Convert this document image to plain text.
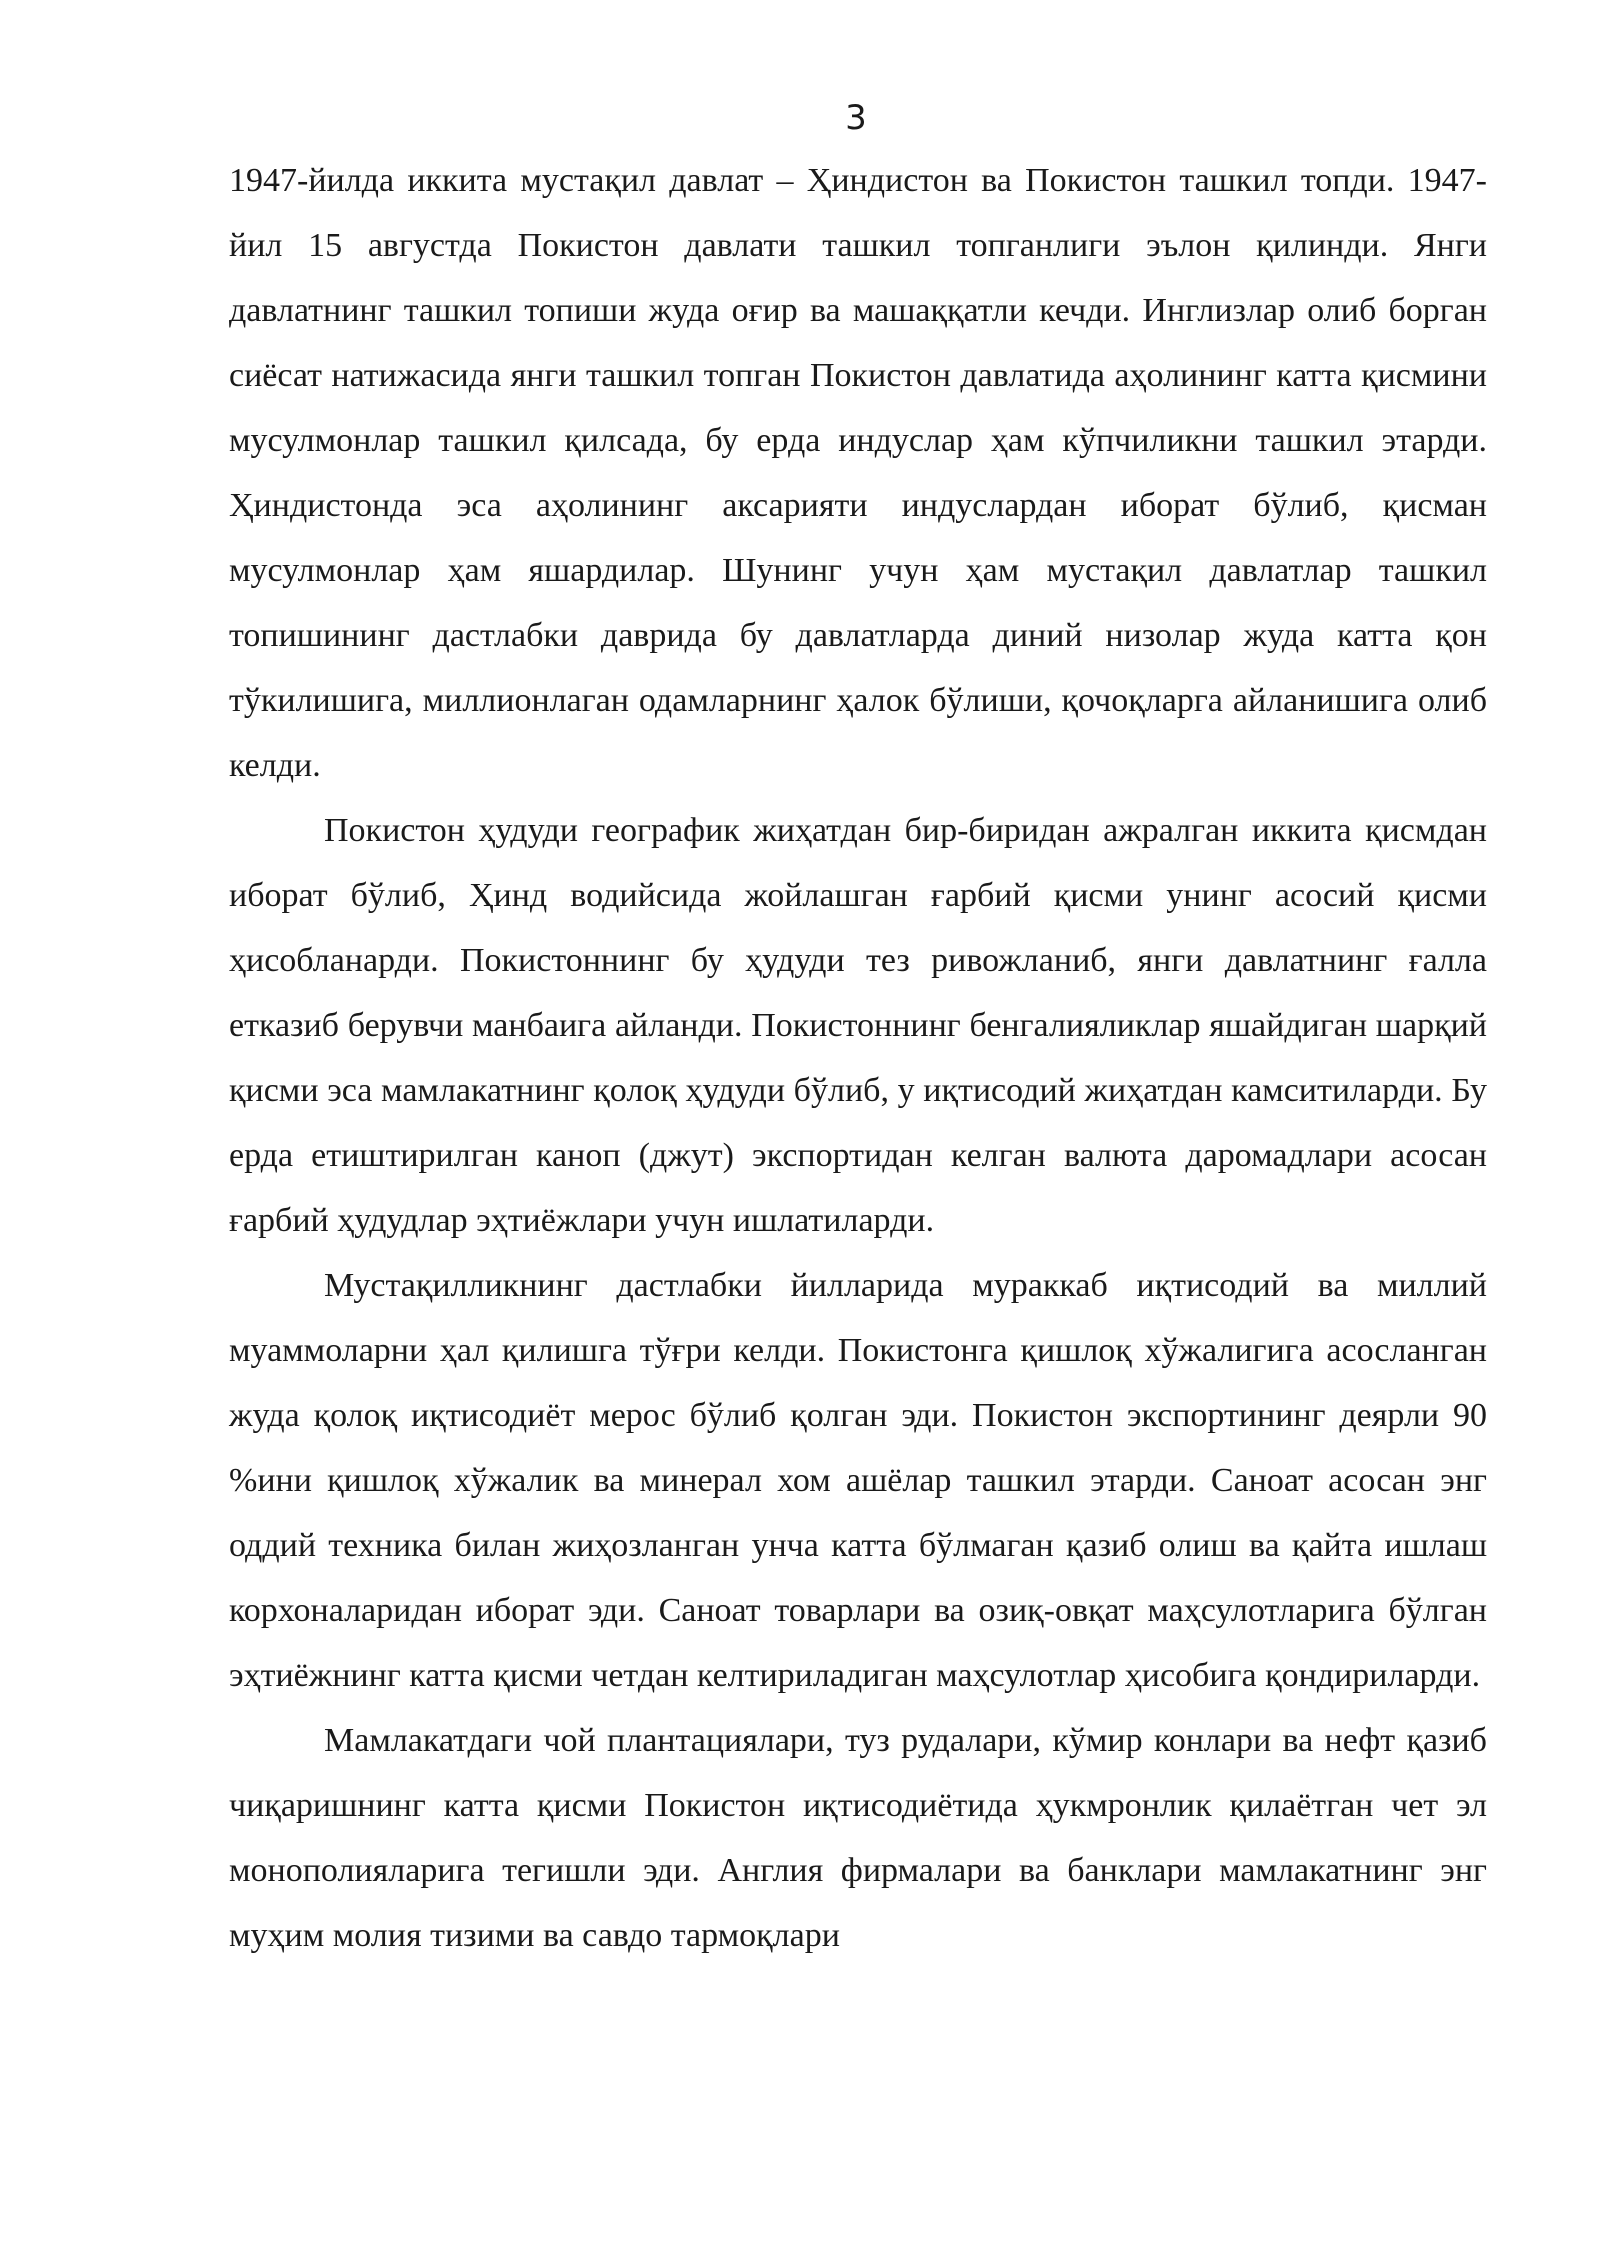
3

1947-йилда иккита мустақил давлат – Ҳиндистон ва Покистон ташкил топди. 1947-йил 15 августда Покистон давлати ташкил топганлиги эълон қилинди. Янги давлатнинг ташкил топиши жуда оғир ва машаққатли кечди. Инглизлар олиб борган сиёсат натижасида янги ташкил топган Покистон давлатида аҳолининг катта қисмини мусулмонлар ташкил қилсада, бу ерда индуслар ҳам кўпчиликни ташкил этарди. Ҳиндистонда эса аҳолининг аксарияти индуслардан иборат бўлиб, қисман мусулмонлар ҳам яшардилар. Шунинг учун ҳам мустақил давлатлар ташкил топишининг дастлабки даврида бу давлатларда диний низолар жуда катта қон тўкилишига, миллионлаган одамларнинг ҳалок бўлиши, қочоқларга айланишига олиб келди.

Покистон ҳудуди географик жиҳатдан бир-биридан ажралган иккита қисмдан иборат бўлиб, Ҳинд водийсида жойлашган ғарбий қисми унинг асосий қисми ҳисобланарди. Покистоннинг бу ҳудуди тез ривожланиб, янги давлатнинг ғалла етказиб берувчи манбаига айланди. Покистоннинг бенгалияликлар яшайдиган шарқий қисми эса мамлакатнинг қолоқ ҳудуди бўлиб, у иқтисодий жиҳатдан камситиларди. Бу ерда етиштирилган каноп (джут) экспортидан келган валюта даромадлари асосан ғарбий ҳудудлар эҳтиёжлари учун ишлатиларди.

Мустақилликнинг дастлабки йилларида мураккаб иқтисодий ва миллий муаммоларни ҳал қилишга тўғри келди. Покистонга қишлоқ хўжалигига асосланган жуда қолоқ иқтисодиёт мерос бўлиб қолган эди. Покистон экспортининг деярли 90 %ини қишлоқ хўжалик ва минерал хом ашёлар ташкил этарди. Саноат асосан энг оддий техника билан жиҳозланган унча катта бўлмаган қазиб олиш ва қайта ишлаш корхоналаридан иборат эди. Саноат товарлари ва озиқ-овқат маҳсулотларига бўлган эҳтиёжнинг катта қисми четдан келтириладиган маҳсулотлар ҳисобига қондириларди.

Мамлакатдаги чой плантациялари, туз рудалари, кўмир конлари ва нефт қазиб чиқаришнинг катта қисми Покистон иқтисодиётида ҳукмронлик қилаётган чет эл монополияларига тегишли эди. Англия фирмалари ва банклари мамлакатнинг энг муҳим молия тизими ва савдо тармоқлари
